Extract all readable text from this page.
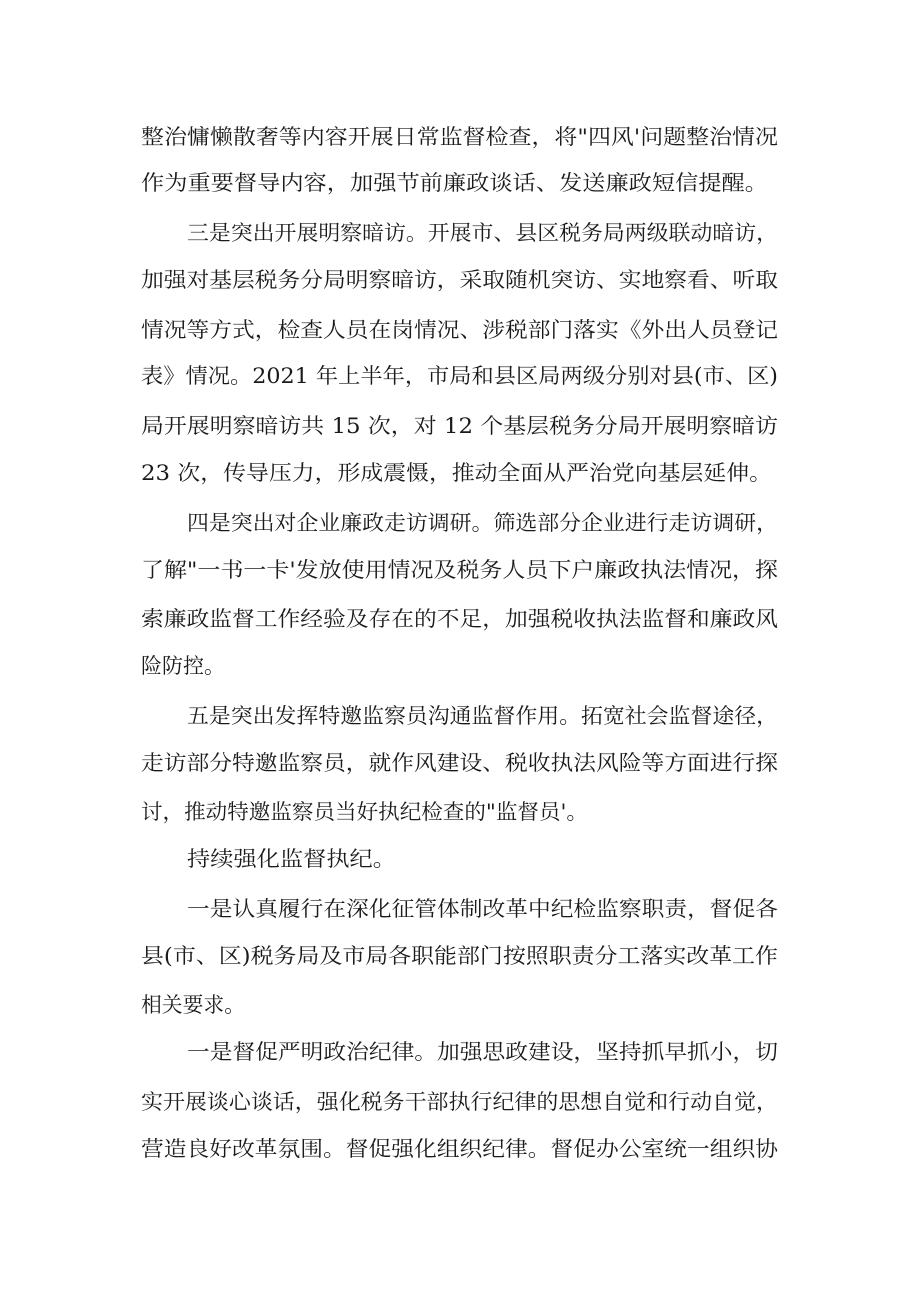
整治慵懒散奢等内容开展日常监督检查，将"四风'问题整治情况
作为重要督导内容，加强节前廉政谈话、发送廉政短信提醒。
三是突出开展明察暗访。开展市、县区税务局两级联动暗访，
加强对基层税务分局明察暗访，采取随机突访、实地察看、听取
情况等方式，检查人员在岗情况、涉税部门落实《外出人员登记
表》情况。2021 年上半年，市局和县区局两级分别对县(市、区)
局开展明察暗访共 15 次，对 12 个基层税务分局开展明察暗访
23 次，传导压力，形成震慑，推动全面从严治党向基层延伸。
四是突出对企业廉政走访调研。筛选部分企业进行走访调研，
了解"一书一卡'发放使用情况及税务人员下户廉政执法情况，探
索廉政监督工作经验及存在的不足，加强税收执法监督和廉政风
险防控。
五是突出发挥特邀监察员沟通监督作用。拓宽社会监督途径，
走访部分特邀监察员，就作风建设、税收执法风险等方面进行探
讨，推动特邀监察员当好执纪检查的"监督员'。
持续强化监督执纪。
一是认真履行在深化征管体制改革中纪检监察职责，督促各
县(市、区)税务局及市局各职能部门按照职责分工落实改革工作
相关要求。
一是督促严明政治纪律。加强思政建设，坚持抓早抓小，切
实开展谈心谈话，强化税务干部执行纪律的思想自觉和行动自觉，
营造良好改革氛围。督促强化组织纪律。督促办公室统一组织协
